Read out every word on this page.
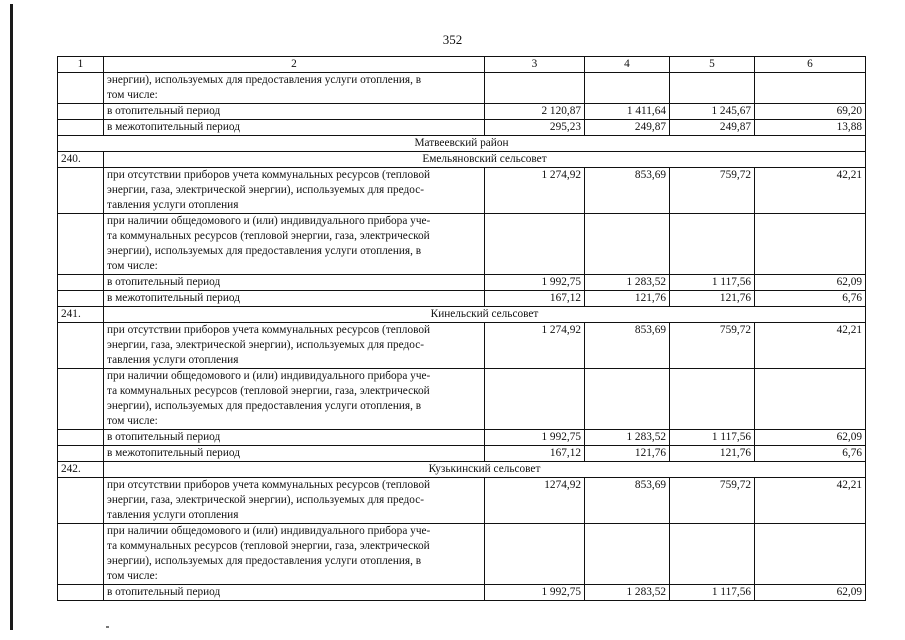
352
1	2	3	4	5	6

	энергии), используемых для предоставления услуги отопления, в
том числе:				

	в отопительный период	2 120,87	1 411,64	1 245,67	69,20
	в межотопительный период	295,23	249,87	249,87	13,88
Матвеевский район					
240.	Емельяновский сельсовет				

	при отсутствии приборов учета коммунальных ресурсов (тепловой
энергии, газа, электрической энергии), используемых для предос-
тавления услуги отопления	1 274,92	853,69	759,72	42,21

	при наличии общедомового и (или) индивидуального прибора уче-
та коммунальных ресурсов (тепловой энергии, газа, электрической
энергии), используемых для предоставления услуги отопления, в
том числе:				

	в отопительный период	1 992,75	1 283,52	1 117,56	62,09
	в межотопительный период	167,12	121,76	121,76	6,76
241.	Кинельский сельсовет				

	при отсутствии приборов учета коммунальных ресурсов (тепловой
энергии, газа, электрической энергии), используемых для предос-
тавления услуги отопления	1 274,92	853,69	759,72	42,21

	при наличии общедомового и (или) индивидуального прибора уче-
та коммунальных ресурсов (тепловой энергии, газа, электрической
энергии), используемых для предоставления услуги отопления, в
том числе:				

	в отопительный период	1 992,75	1 283,52	1 117,56	62,09
	в межотопительный период	167,12	121,76	121,76	6,76
242.	Кузькинский сельсовет				

	при отсутствии приборов учета коммунальных ресурсов (тепловой
энергии, газа, электрической энергии), используемых для предос-
тавления услуги отопления	1274,92	853,69	759,72	42,21

	при наличии общедомового и (или) индивидуального прибора уче-
та коммунальных ресурсов (тепловой энергии, газа, электрической
энергии), используемых для предоставления услуги отопления, в
том числе:				

	в отопительный период	1 992,75	1 283,52	1 117,56	62,09
